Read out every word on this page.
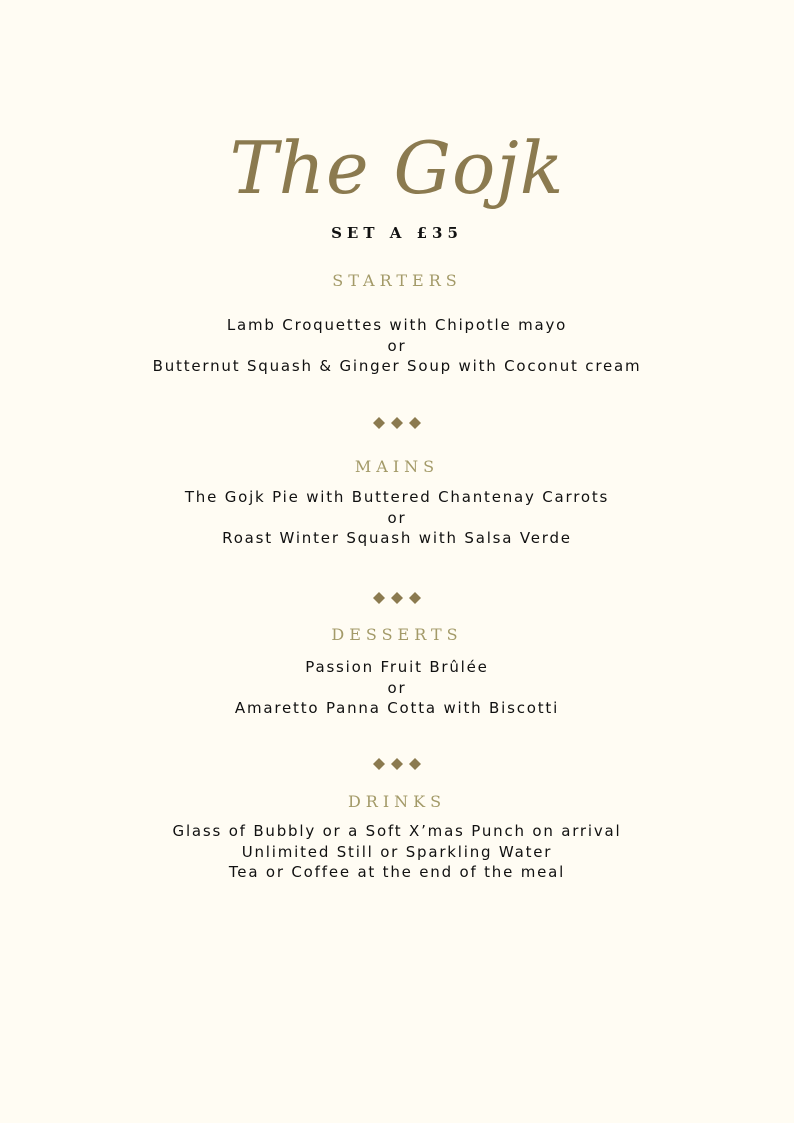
The Gojk
SET A £35
STARTERS

Lamb Croquettes with Chipotle mayo

or

Butternut Squash & Ginger Soup with Coconut cream

MAINS

The Gojk Pie with Buttered Chantenay Carrots

or

Roast Winter Squash with Salsa Verde

DESSERTS

Passion Fruit Brûlée

or

Amaretto Panna Cotta with Biscotti

DRINKS

Glass of Bubbly or a Soft X’mas Punch on arrival

Unlimited Still or Sparkling Water

Tea or Coffee at the end of the meal
